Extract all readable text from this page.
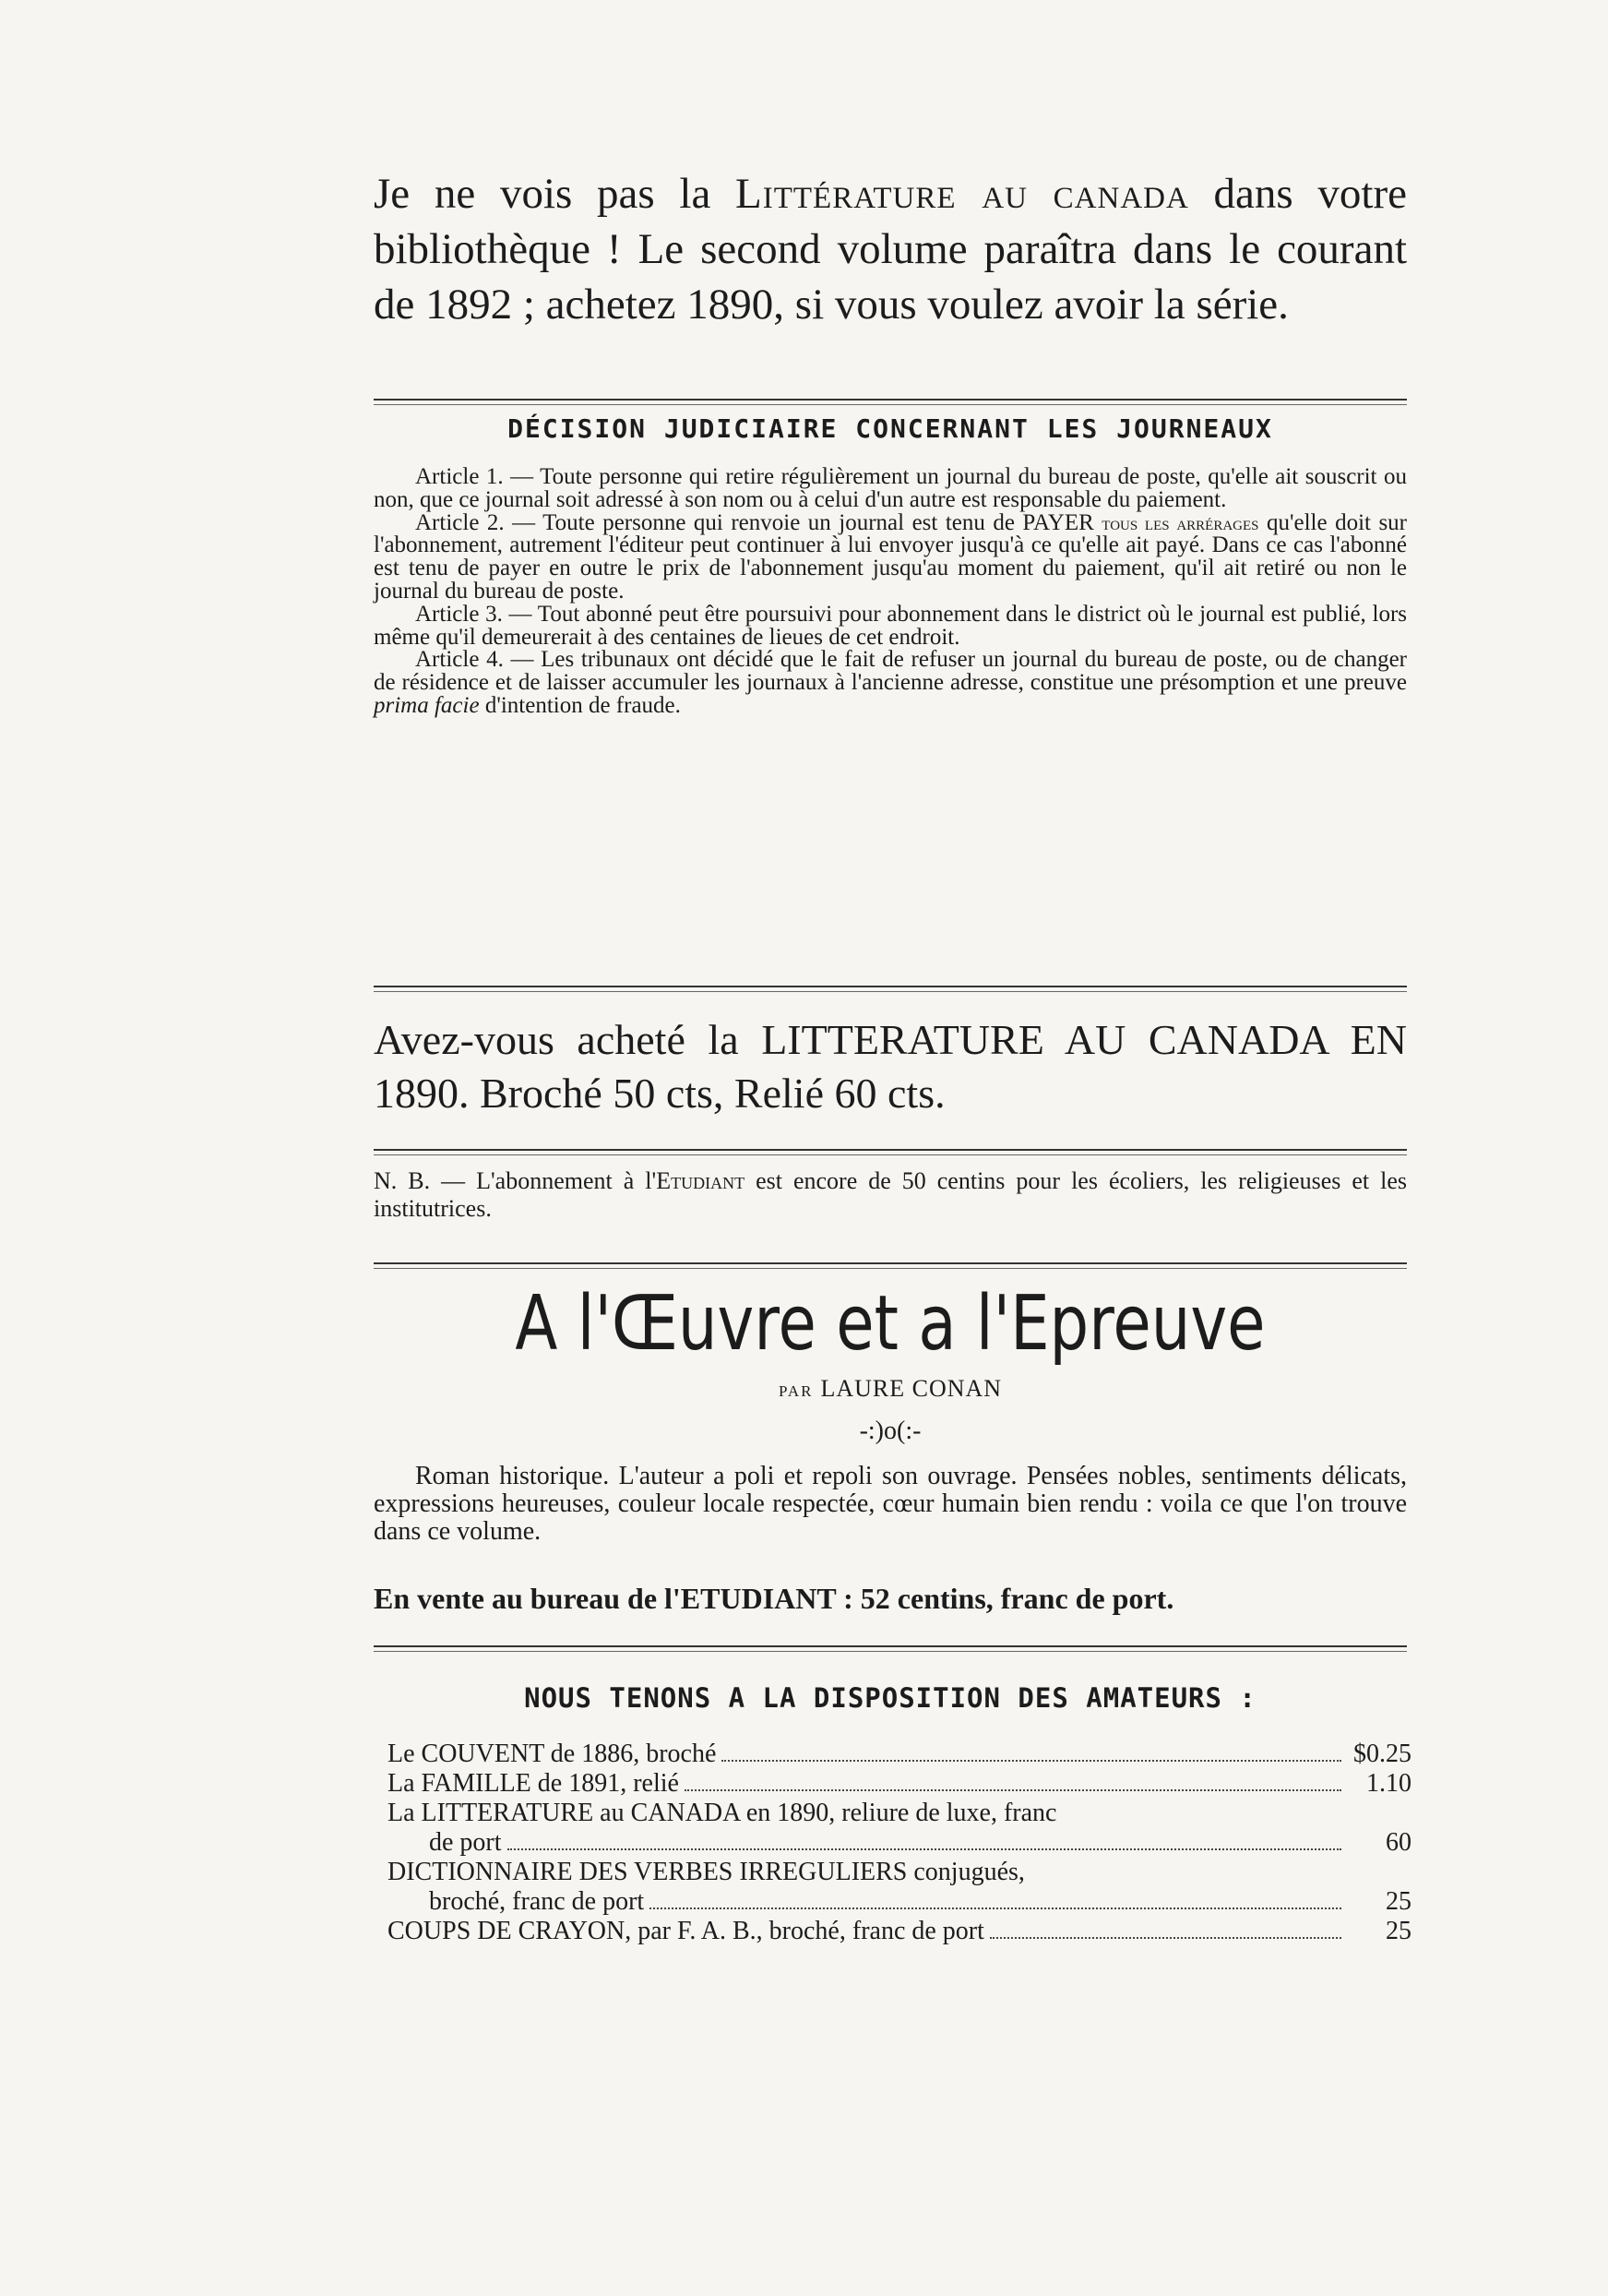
Je ne vois pas la Littérature au canada dans votre bibliothèque ! Le second volume paraîtra dans le courant de 1892 ; achetez 1890, si vous voulez avoir la série.
DÉCISION JUDICIAIRE CONCERNANT LES JOURNEAUX

Article 1. — Toute personne qui retire régulièrement un journal du bureau de poste, qu'elle ait souscrit ou non, que ce journal soit adressé à son nom ou à celui d'un autre est responsable du paiement.

Article 2. — Toute personne qui renvoie un journal est tenu de PAYER tous les arrérages qu'elle doit sur l'abonnement, autrement l'éditeur peut continuer à lui envoyer jusqu'à ce qu'elle ait payé. Dans ce cas l'abonné est tenu de payer en outre le prix de l'abonnement jusqu'au moment du paiement, qu'il ait retiré ou non le journal du bureau de poste.

Article 3. — Tout abonné peut être poursuivi pour abonnement dans le district où le journal est publié, lors même qu'il demeurerait à des centaines de lieues de cet endroit.

Article 4. — Les tribunaux ont décidé que le fait de refuser un journal du bureau de poste, ou de changer de résidence et de laisser accumuler les journaux à l'ancienne adresse, constitue une présomption et une preuve prima facie d'intention de fraude.

Avez-vous acheté la LITTERATURE AU CANADA EN 1890. Broché 50 cts, Relié 60 cts.
N. B. — L'abonnement à l'Etudiant est encore de 50 centins pour les écoliers, les religieuses et les institutrices.
A l'Œuvre et a l'Epreuve
PAR LAURE CONAN
-:)o(:-

Roman historique. L'auteur a poli et repoli son ouvrage. Pensées nobles, sentiments délicats, expressions heureuses, couleur locale respectée, cœur humain bien rendu : voila ce que l'on trouve dans ce volume.

En vente au bureau de l'ETUDIANT : 52 centins, franc de port.
NOUS TENONS A LA DISPOSITION DES AMATEURS :
Le COUVENT de 1886, broché	$0.25
La FAMILLE de 1891, relié	1.10
La LITTERATURE au CANADA en 1890, reliure de luxe, franc
de port	60
DICTIONNAIRE DES VERBES IRREGULIERS conjugués,
broché, franc de port	25
COUPS DE CRAYON, par F. A. B., broché, franc de port	25
